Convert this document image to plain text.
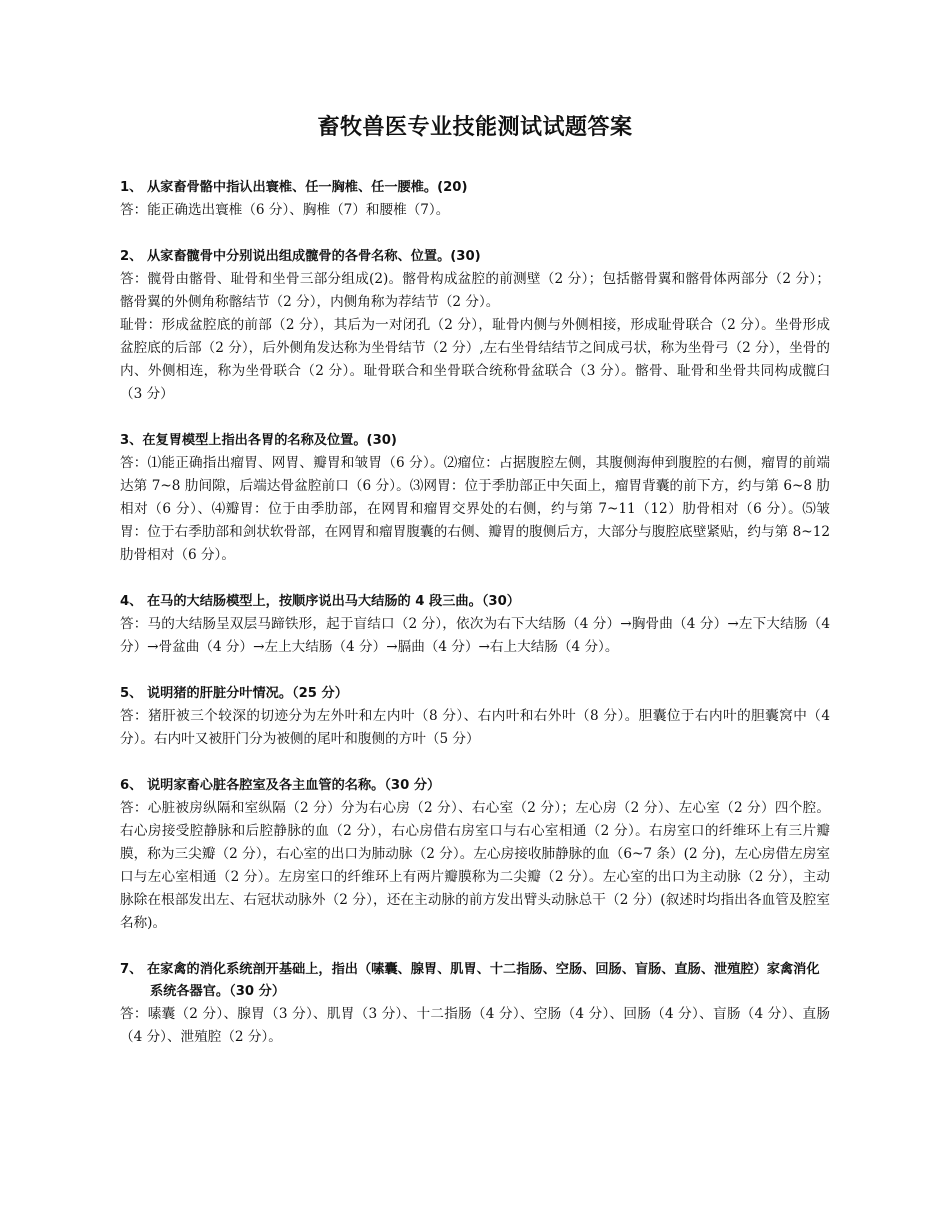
畜牧兽医专业技能测试试题答案

1、 从家畜骨骼中指认出寰椎、任一胸椎、任一腰椎。(20)

答：能正确选出寰椎（6 分）、胸椎（7）和腰椎（7）。

2、 从家畜髋骨中分别说出组成髋骨的各骨名称、位置。(30)

答：髋骨由髂骨、耻骨和坐骨三部分组成(2)。髂骨构成盆腔的前测壁（2 分）；包括髂骨翼和髂骨体两部分（2 分）；髂骨翼的外侧角称髂结节（2 分），内侧角称为荐结节（2 分）。

耻骨：形成盆腔底的前部（2 分），其后为一对闭孔（2 分），耻骨内侧与外侧相接，形成耻骨联合（2 分）。坐骨形成盆腔底的后部（2 分），后外侧角发达称为坐骨结节（2 分）,左右坐骨结结节之间成弓状，称为坐骨弓（2 分），坐骨的内、外侧相连，称为坐骨联合（2 分）。耻骨联合和坐骨联合统称骨盆联合（3 分）。髂骨、耻骨和坐骨共同构成髋臼（3 分）

3、在复胃模型上指出各胃的名称及位置。(30)

答：⑴能正确指出瘤胃、网胃、瓣胃和皱胃（6 分）。⑵瘤位：占据腹腔左侧，其腹侧海伸到腹腔的右侧，瘤胃的前端达第 7~8 肋间隙，后端达骨盆腔前口（6 分）。⑶网胃：位于季肋部正中矢面上，瘤胃背囊的前下方，约与第 6~8 肋相对（6 分）、⑷瓣胃：位于由季肋部，在网胃和瘤胃交界处的右侧，约与第 7~11（12）肋骨相对（6 分）。⑸皱胃：位于右季肋部和剑状软骨部，在网胃和瘤胃腹囊的右侧、瓣胃的腹侧后方，大部分与腹腔底壁紧贴，约与第 8~12 肋骨相对（6 分）。

4、 在马的大结肠模型上，按顺序说出马大结肠的 4 段三曲。（30）

答：马的大结肠呈双层马蹄铁形，起于盲结口（2 分），依次为右下大结肠（4 分）→胸骨曲（4 分）→左下大结肠（4 分）→骨盆曲（4 分）→左上大结肠（4 分）→膈曲（4 分）→右上大结肠（4 分）。

5、 说明猪的肝脏分叶情况。（25 分）

答：猪肝被三个较深的切迹分为左外叶和左内叶（8 分）、右内叶和右外叶（8 分）。胆囊位于右内叶的胆囊窝中（4 分）。右内叶又被肝门分为被侧的尾叶和腹侧的方叶（5 分）

6、 说明家畜心脏各腔室及各主血管的名称。（30 分）

答：心脏被房纵隔和室纵隔（2 分）分为右心房（2 分）、右心室（2 分）；左心房（2 分）、左心室（2 分）四个腔。右心房接受腔静脉和后腔静脉的血（2 分），右心房借右房室口与右心室相通（2 分）。右房室口的纤维环上有三片瓣膜，称为三尖瓣（2 分），右心室的出口为肺动脉（2 分）。左心房接收肺静脉的血（6~7 条）(2 分)，左心房借左房室口与左心室相通（2 分）。左房室口的纤维环上有两片瓣膜称为二尖瓣（2 分）。左心室的出口为主动脉（2 分），主动脉除在根部发出左、右冠状动脉外（2 分），还在主动脉的前方发出臂头动脉总干（2 分）(叙述时均指出各血管及腔室名称)。

7、 在家禽的消化系统剖开基础上，指出（嗉囊、腺胃、肌胃、十二指肠、空肠、回肠、盲肠、直肠、泄殖腔）家禽消化系统各器官。（30 分）

答：嗉囊（2 分）、腺胃（3 分）、肌胃（3 分）、十二指肠（4 分）、空肠（4 分）、回肠（4 分）、盲肠（4 分）、直肠（4 分）、泄殖腔（2 分）。
